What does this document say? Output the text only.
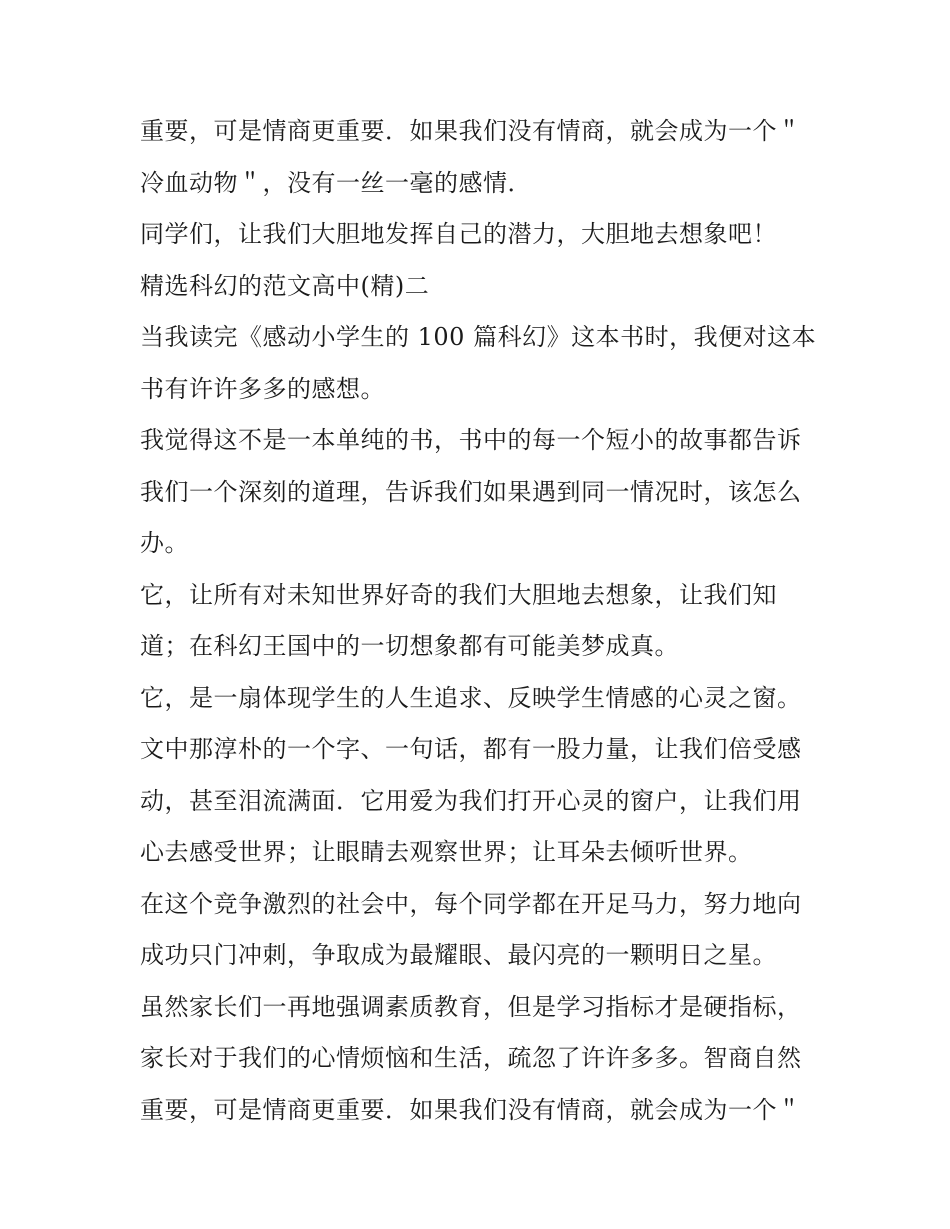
重要，可是情商更重要．如果我们没有情商，就会成为一个＂
冷血动物＂，没有一丝一毫的感情．
同学们，让我们大胆地发挥自己的潜力，大胆地去想象吧！
精选科幻的范文高中(精)二
当我读完《感动小学生的 100 篇科幻》这本书时，我便对这本
书有许许多多的感想。
我觉得这不是一本单纯的书，书中的每一个短小的故事都告诉
我们一个深刻的道理，告诉我们如果遇到同一情况时，该怎么
办。
它，让所有对未知世界好奇的我们大胆地去想象，让我们知
道；在科幻王国中的一切想象都有可能美梦成真。
它，是一扇体现学生的人生追求、反映学生情感的心灵之窗。
文中那淳朴的一个字、一句话，都有一股力量，让我们倍受感
动，甚至泪流满面．它用爱为我们打开心灵的窗户，让我们用
心去感受世界；让眼睛去观察世界；让耳朵去倾听世界。
在这个竞争激烈的社会中，每个同学都在开足马力，努力地向
成功只门冲刺，争取成为最耀眼、最闪亮的一颗明日之星。
虽然家长们一再地强调素质教育，但是学习指标才是硬指标，
家长对于我们的心情烦恼和生活，疏忽了许许多多。智商自然
重要，可是情商更重要．如果我们没有情商，就会成为一个＂
